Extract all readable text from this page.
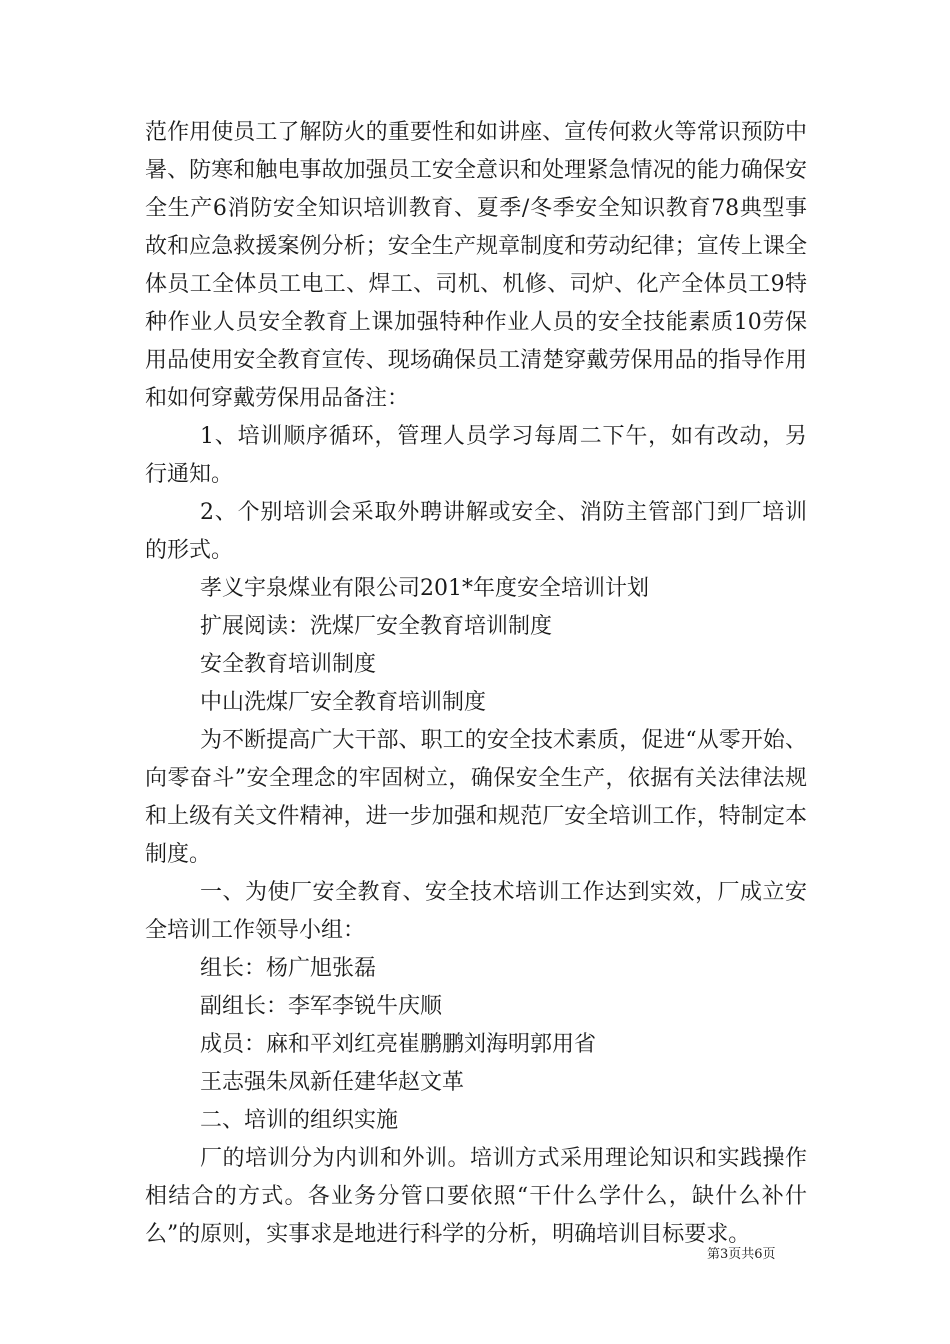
范作用使员工了解防火的重要性和如讲座、宣传何救火等常识预防中暑、防寒和触电事故加强员工安全意识和处理紧急情况的能力确保安全生产6消防安全知识培训教育、夏季/冬季安全知识教育78典型事故和应急救援案例分析；安全生产规章制度和劳动纪律；宣传上课全体员工全体员工电工、焊工、司机、机修、司炉、化产全体员工9特种作业人员安全教育上课加强特种作业人员的安全技能素质10劳保用品使用安全教育宣传、现场确保员工清楚穿戴劳保用品的指导作用和如何穿戴劳保用品备注：

1、培训顺序循环，管理人员学习每周二下午，如有改动，另行通知。

2、个别培训会采取外聘讲解或安全、消防主管部门到厂培训的形式。

孝义宇泉煤业有限公司201*年度安全培训计划

扩展阅读：洗煤厂安全教育培训制度

安全教育培训制度

中山洗煤厂安全教育培训制度

为不断提高广大干部、职工的安全技术素质，促进“从零开始、向零奋斗”安全理念的牢固树立，确保安全生产，依据有关法律法规和上级有关文件精神，进一步加强和规范厂安全培训工作，特制定本制度。

一、为使厂安全教育、安全技术培训工作达到实效，厂成立安全培训工作领导小组：

组长：杨广旭张磊

副组长：李军李锐牛庆顺

成员：麻和平刘红亮崔鹏鹏刘海明郭用省

王志强朱凤新任建华赵文革

二、培训的组织实施

厂的培训分为内训和外训。培训方式采用理论知识和实践操作相结合的方式。各业务分管口要依照“干什么学什么，缺什么补什么”的原则，实事求是地进行科学的分析，明确培训目标要求。

第3页共6页
